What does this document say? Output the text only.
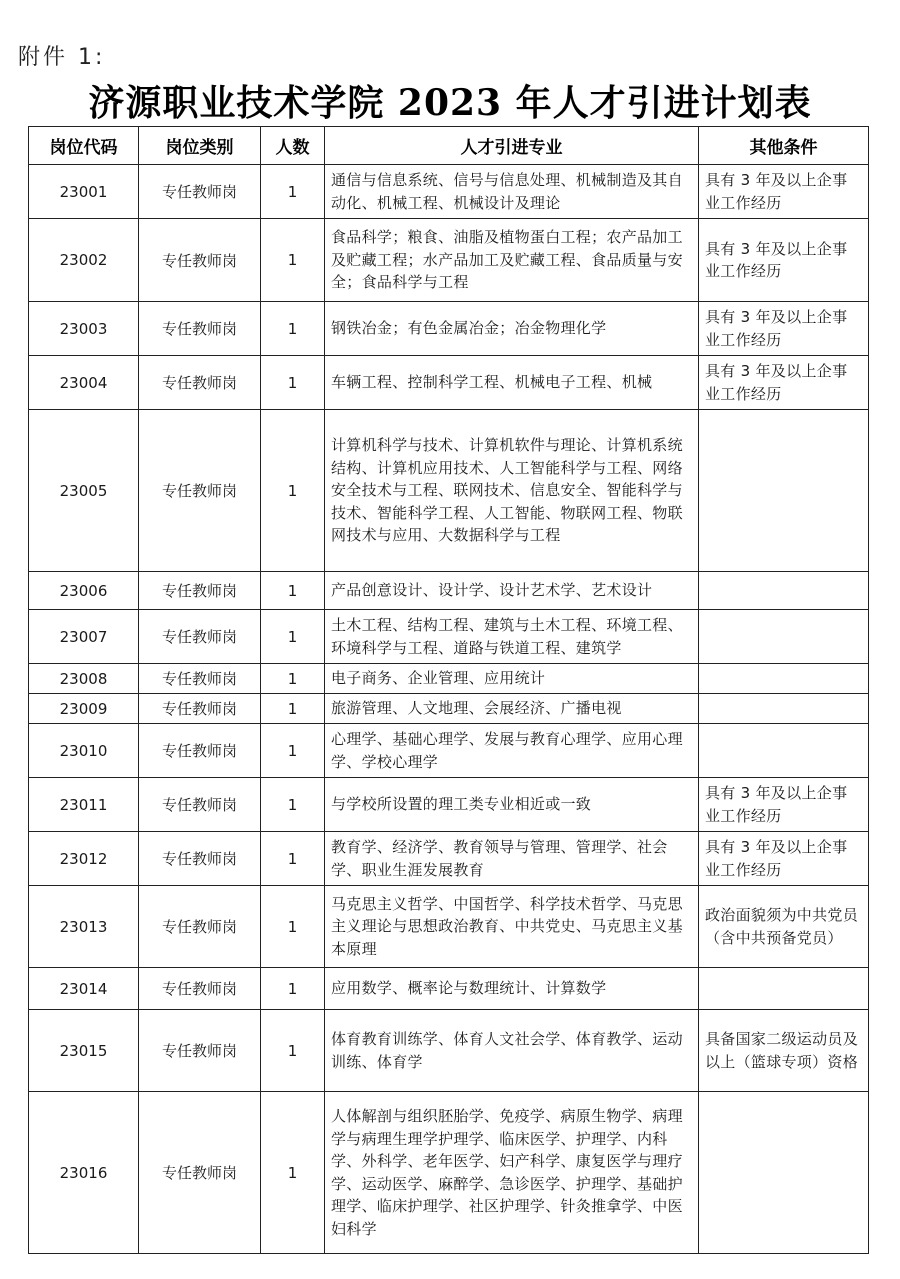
附件 1:
济源职业技术学院 2023 年人才引进计划表
岗位代码	岗位类别	人数	人才引进专业	其他条件
23001	专任教师岗	1	通信与信息系统、信号与信息处理、机械制造及其自动化、机械工程、机械设计及理论	具有 3 年及以上企事业工作经历
23002	专任教师岗	1	食品科学；粮食、油脂及植物蛋白工程；农产品加工及贮藏工程；水产品加工及贮藏工程、食品质量与安全；食品科学与工程	具有 3 年及以上企事业工作经历
23003	专任教师岗	1	钢铁冶金；有色金属冶金；冶金物理化学	具有 3 年及以上企事业工作经历
23004	专任教师岗	1	车辆工程、控制科学工程、机械电子工程、机械	具有 3 年及以上企事业工作经历
23005	专任教师岗	1	计算机科学与技术、计算机软件与理论、计算机系统结构、计算机应用技术、人工智能科学与工程、网络安全技术与工程、联网技术、信息安全、智能科学与技术、智能科学工程、人工智能、物联网工程、物联网技术与应用、大数据科学与工程	
23006	专任教师岗	1	产品创意设计、设计学、设计艺术学、艺术设计	
23007	专任教师岗	1	土木工程、结构工程、建筑与土木工程、环境工程、环境科学与工程、道路与铁道工程、建筑学	
23008	专任教师岗	1	电子商务、企业管理、应用统计	
23009	专任教师岗	1	旅游管理、人文地理、会展经济、广播电视	
23010	专任教师岗	1	心理学、基础心理学、发展与教育心理学、应用心理学、学校心理学	
23011	专任教师岗	1	与学校所设置的理工类专业相近或一致	具有 3 年及以上企事业工作经历
23012	专任教师岗	1	教育学、经济学、教育领导与管理、管理学、社会学、职业生涯发展教育	具有 3 年及以上企事业工作经历
23013	专任教师岗	1	马克思主义哲学、中国哲学、科学技术哲学、马克思主义理论与思想政治教育、中共党史、马克思主义基本原理	政治面貌须为中共党员（含中共预备党员）
23014	专任教师岗	1	应用数学、概率论与数理统计、计算数学	
23015	专任教师岗	1	体育教育训练学、体育人文社会学、体育教学、运动训练、体育学	具备国家二级运动员及以上（篮球专项）资格
23016	专任教师岗	1	人体解剖与组织胚胎学、免疫学、病原生物学、病理学与病理生理学护理学、临床医学、护理学、内科学、外科学、老年医学、妇产科学、康复医学与理疗学、运动医学、麻醉学、急诊医学、护理学、基础护理学、临床护理学、社区护理学、针灸推拿学、中医妇科学	
